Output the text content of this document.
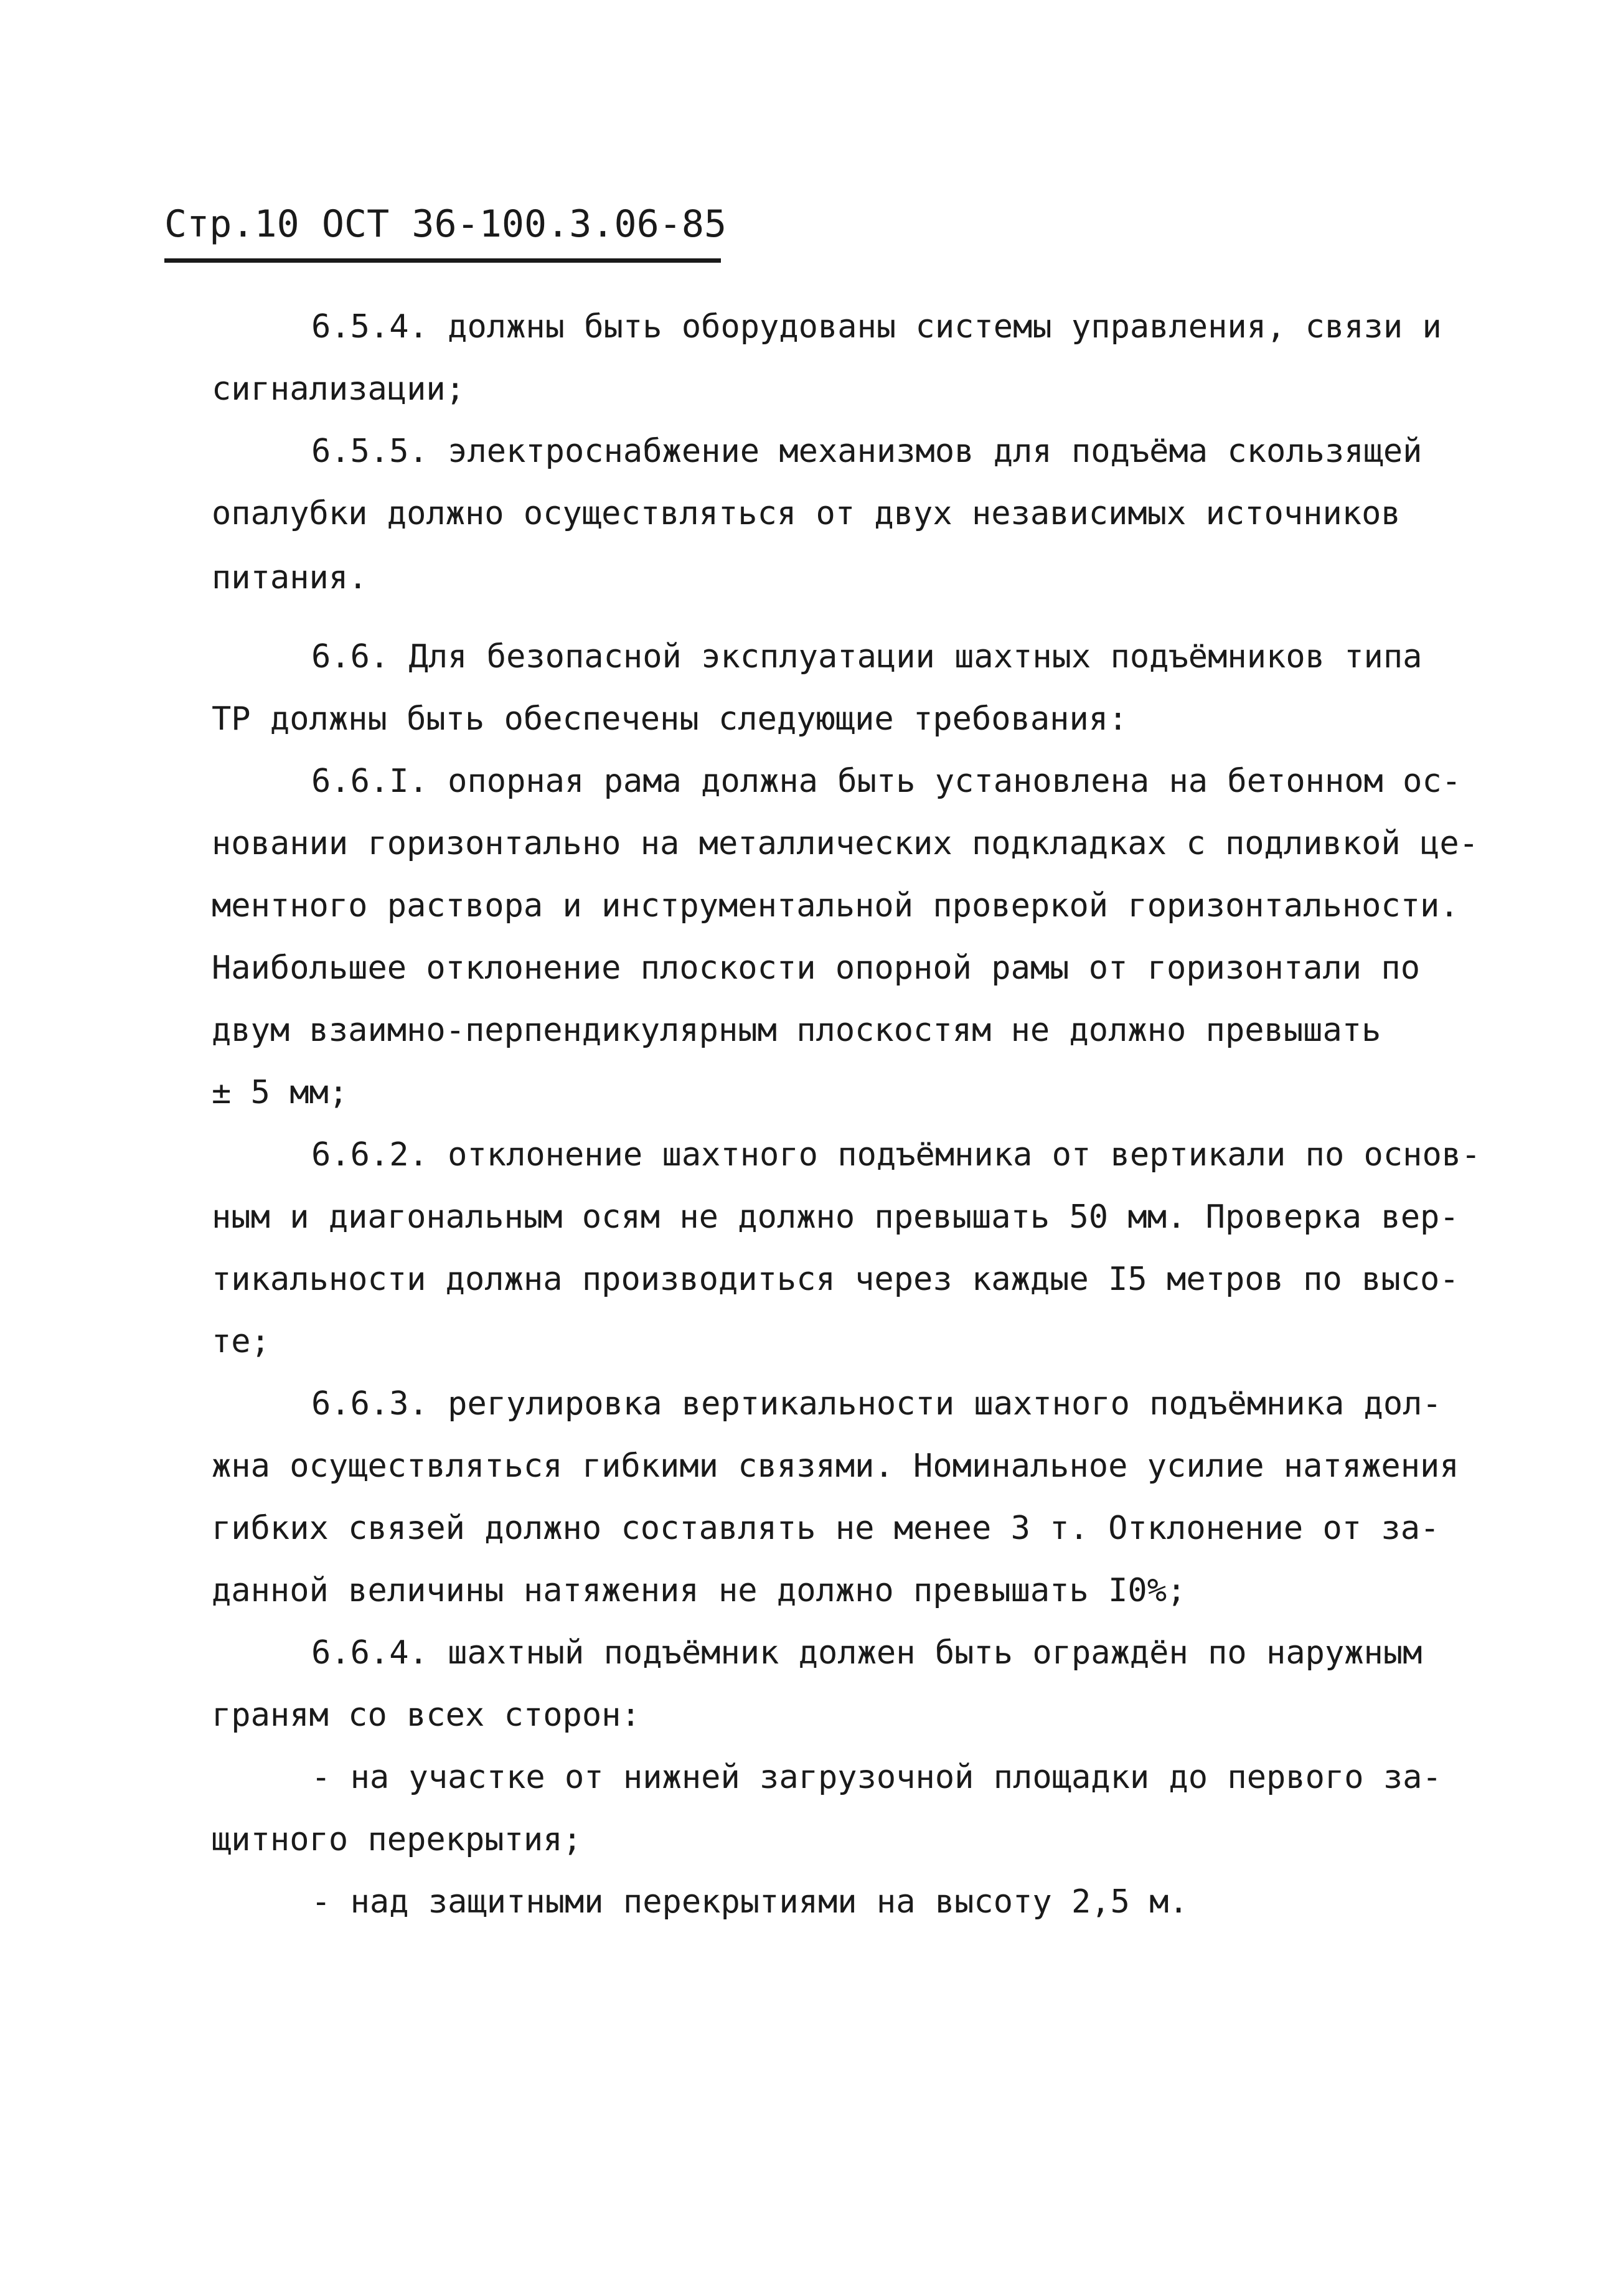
Стр.10 ОСТ 36-100.3.06-85
6.5.4. должны быть оборудованы системы управления, связи и
сигнализации;
6.5.5. электроснабжение механизмов для подъёма скользящей
опалубки должно осуществляться от двух независимых источников
питания.
6.6. Для безопасной эксплуатации шахтных подъёмников типа
ТР должны быть обеспечены следующие требования:
6.6.I. опорная рама должна быть установлена на бетонном ос-
новании горизонтально на металлических подкладках с подливкой це-
ментного раствора и инструментальной проверкой горизонтальности.
Наибольшее отклонение плоскости опорной рамы от горизонтали по
двум взаимно-перпендикулярным плоскостям не должно превышать
± 5 мм;
6.6.2. отклонение шахтного подъёмника от вертикали по основ-
ным и диагональным осям не должно превышать 50 мм. Проверка вер-
тикальности должна производиться через каждые I5 метров по высо-
те;
6.6.3. регулировка вертикальности шахтного подъёмника дол-
жна осуществляться гибкими связями. Номинальное усилие натяжения
гибких связей должно составлять не менее 3 т. Отклонение от за-
данной величины натяжения не должно превышать I0%;
6.6.4. шахтный подъёмник должен быть ограждён по наружным
граням со всех сторон:
- на участке от нижней загрузочной площадки до первого за-
щитного перекрытия;
- над защитными перекрытиями на высоту 2,5 м.
